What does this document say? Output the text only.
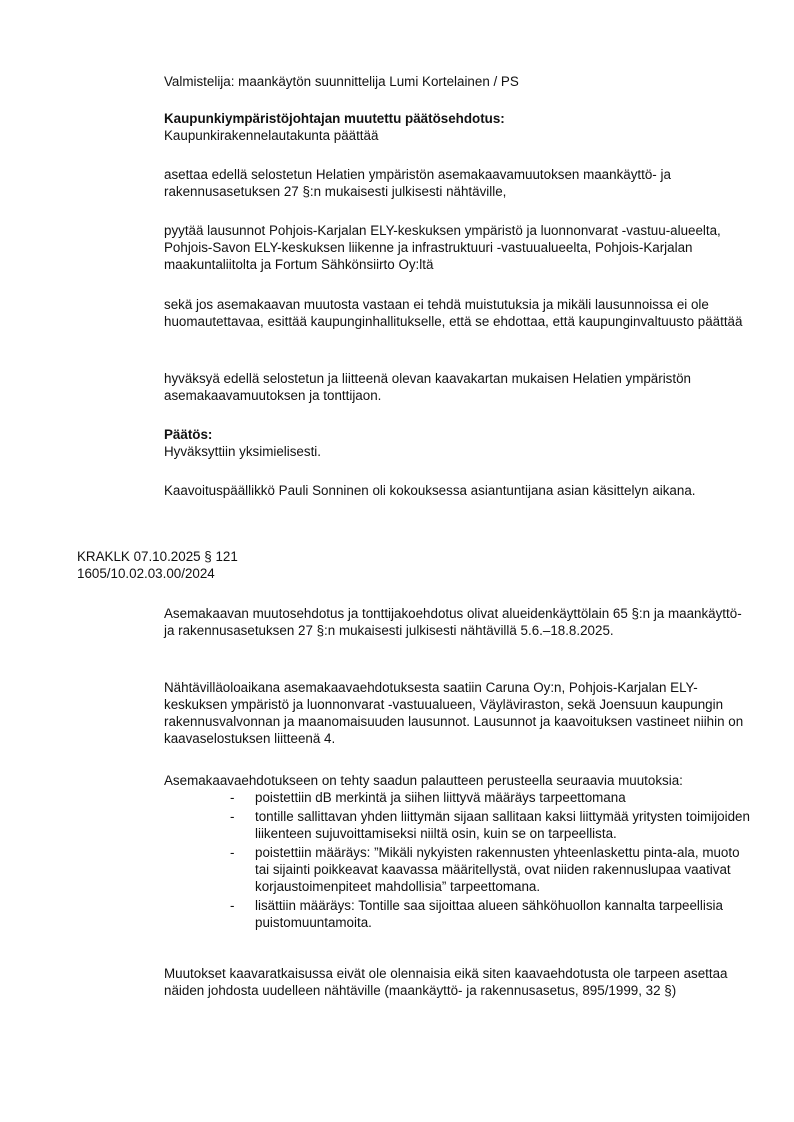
Valmistelija: maankäytön suunnittelija Lumi Kortelainen / PS

Kaupunkiympäristöjohtajan muutettu päätösehdotus:

Kaupunkirakennelautakunta päättää

asettaa edellä selostetun Helatien ympäristön asemakaavamuutoksen maankäyttö- ja rakennusasetuksen 27 §:n mukaisesti julkisesti nähtäville,

pyytää lausunnot Pohjois-Karjalan ELY-keskuksen ympäristö ja luonnonvarat -vastuu-alueelta, Pohjois-Savon ELY-keskuksen liikenne ja infrastruktuuri -vastuualueelta, Pohjois-Karjalan maakuntaliitolta ja Fortum Sähkönsiirto Oy:ltä

sekä jos asemakaavan muutosta vastaan ei tehdä muistutuksia ja mikäli lausunnoissa ei ole huomautettavaa, esittää kaupunginhallitukselle, että se ehdottaa, että kaupunginvaltuusto päättää

hyväksyä edellä selostetun ja liitteenä olevan kaavakartan mukaisen Helatien ympäristön asemakaavamuutoksen ja tonttijaon.

Päätös:

Hyväksyttiin yksimielisesti.

Kaavoituspäällikkö Pauli Sonninen oli kokouksessa asiantuntijana asian käsittelyn aikana.

KRAKLK 07.10.2025 § 121

1605/10.02.03.00/2024

Asemakaavan muutosehdotus ja tonttijakoehdotus olivat alueidenkäyttölain 65 §:n ja maankäyttö- ja rakennusasetuksen 27 §:n mukaisesti julkisesti nähtävillä 5.6.–18.8.2025.

Nähtävilläoloaikana asemakaavaehdotuksesta saatiin Caruna Oy:n, Pohjois-Karjalan ELY-keskuksen ympäristö ja luonnonvarat -vastuualueen, Väyläviraston, sekä Joensuun kaupungin rakennusvalvonnan ja maanomaisuuden lausunnot. Lausunnot ja kaavoituksen vastineet niihin on kaavaselostuksen liitteenä 4.

Asemakaavaehdotukseen on tehty saadun palautteen perusteella seuraavia muutoksia:

- poistettiin dB merkintä ja siihen liittyvä määräys tarpeettomana
- tontille sallittavan yhden liittymän sijaan sallitaan kaksi liittymää yritysten toimijoiden liikenteen sujuvoittamiseksi niiltä osin, kuin se on tarpeellista.
- poistettiin määräys: ”Mikäli nykyisten rakennusten yhteenlaskettu pinta-ala, muoto tai sijainti poikkeavat kaavassa määritellystä, ovat niiden rakennuslupaa vaativat korjaustoimenpiteet mahdollisia” tarpeettomana.
- lisättiin määräys: Tontille saa sijoittaa alueen sähköhuollon kannalta tarpeellisia puistomuuntamoita.

Muutokset kaavaratkaisussa eivät ole olennaisia eikä siten kaavaehdotusta ole tarpeen asettaa näiden johdosta uudelleen nähtäville (maankäyttö- ja rakennusasetus, 895/1999, 32 §)
